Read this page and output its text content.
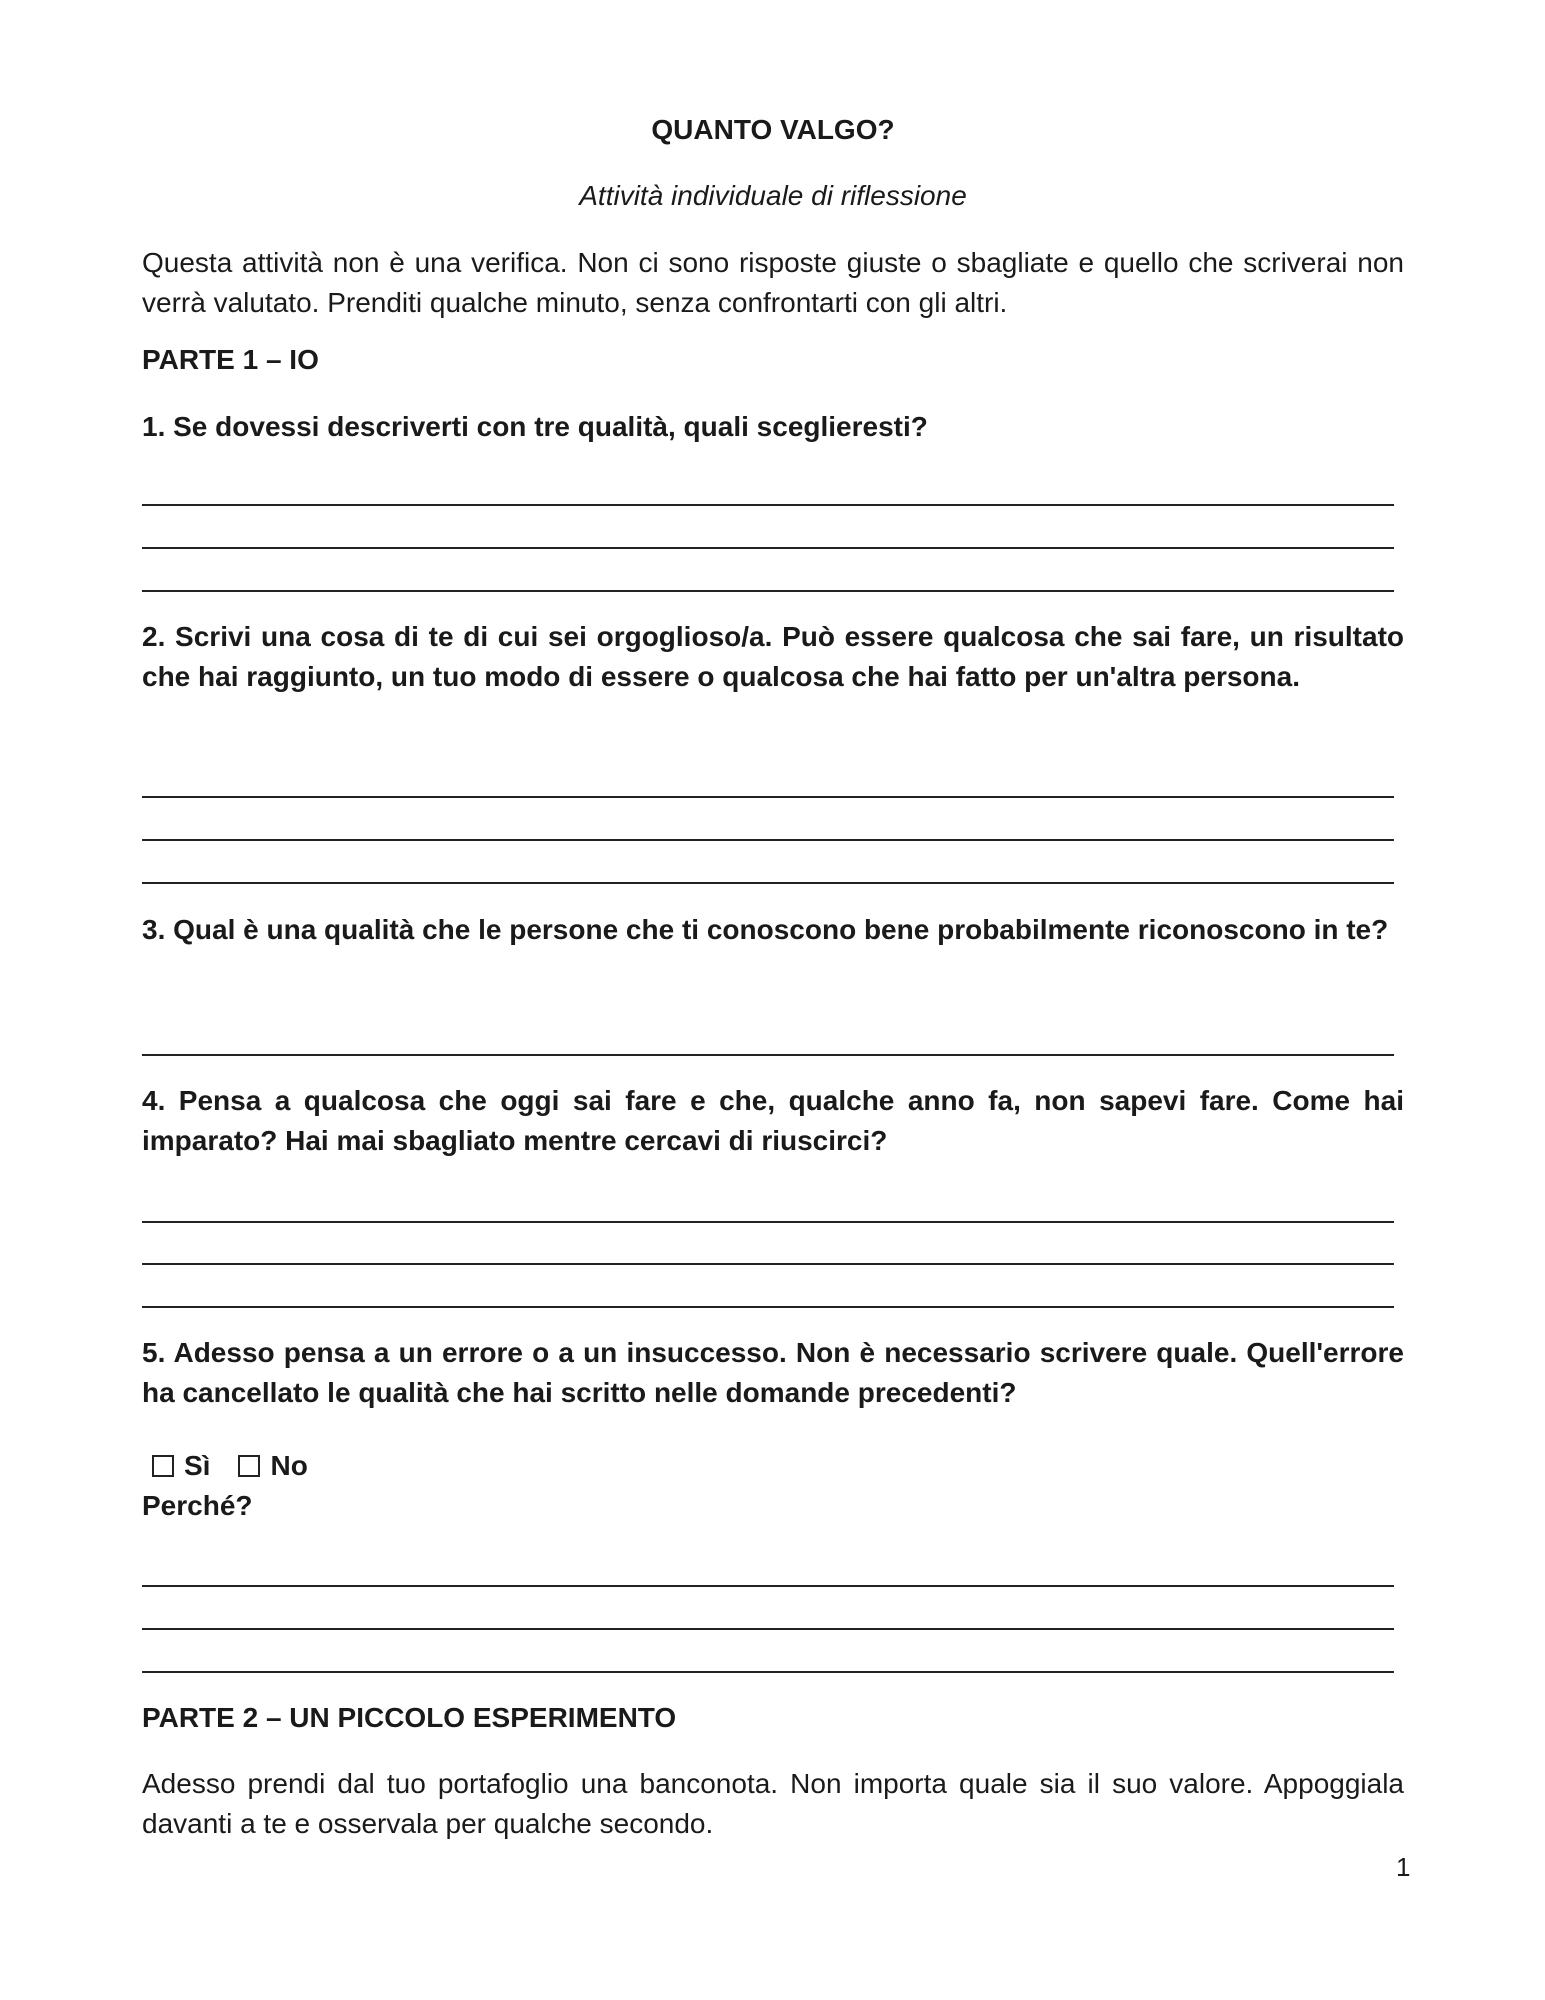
QUANTO VALGO?
Attività individuale di riflessione
Questa attività non è una verifica. Non ci sono risposte giuste o sbagliate e quello che scriverai non verrà valutato. Prenditi qualche minuto, senza confrontarti con gli altri.
PARTE 1 – IO
1. Se dovessi descriverti con tre qualità, quali sceglieresti?
2. Scrivi una cosa di te di cui sei orgoglioso/a. Può essere qualcosa che sai fare, un risultato che hai raggiunto, un tuo modo di essere o qualcosa che hai fatto per un'altra persona.
3. Qual è una qualità che le persone che ti conoscono bene probabilmente riconoscono in te?
4. Pensa a qualcosa che oggi sai fare e che, qualche anno fa, non sapevi fare. Come hai imparato? Hai mai sbagliato mentre cercavi di riuscirci?
5. Adesso pensa a un errore o a un insuccesso. Non è necessario scrivere quale. Quell'errore ha cancellato le qualità che hai scritto nelle domande precedenti?
Sì No
Perché?
PARTE 2 – UN PICCOLO ESPERIMENTO
Adesso prendi dal tuo portafoglio una banconota. Non importa quale sia il suo valore. Appoggiala davanti a te e osservala per qualche secondo.
1
